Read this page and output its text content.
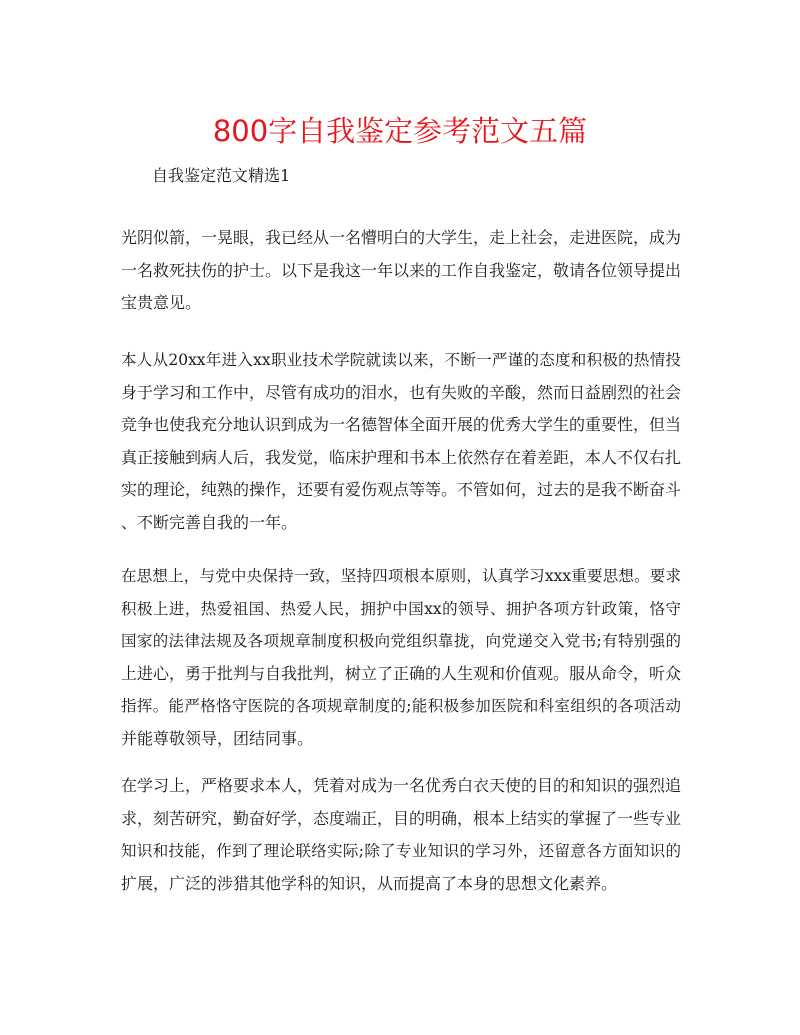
800字自我鉴定参考范文五篇

自我鉴定范文精选1

光阴似箭，一晃眼，我已经从一名懵明白的大学生，走上社会，走进医院，成为
一名救死扶伤的护士。以下是我这一年以来的工作自我鉴定，敬请各位领导提出
宝贵意见。
本人从20xx年进入xx职业技术学院就读以来，不断一严谨的态度和积极的热情投
身于学习和工作中，尽管有成功的泪水，也有失败的辛酸，然而日益剧烈的社会
竞争也使我充分地认识到成为一名德智体全面开展的优秀大学生的重要性，但当
真正接触到病人后，我发觉，临床护理和书本上依然存在着差距，本人不仅右扎
实的理论，纯熟的操作，还要有爱伤观点等等。不管如何，过去的是我不断奋斗
、不断完善自我的一年。
在思想上，与党中央保持一致，坚持四项根本原则，认真学习xxx重要思想。要求
积极上进，热爱祖国、热爱人民，拥护中国xx的领导、拥护各项方针政策，恪守
国家的法律法规及各项规章制度积极向党组织靠拢，向党递交入党书;有特别强的
上进心，勇于批判与自我批判，树立了正确的人生观和价值观。服从命令，听众
指挥。能严格恪守医院的各项规章制度的;能积极参加医院和科室组织的各项活动
并能尊敬领导，团结同事。
在学习上，严格要求本人，凭着对成为一名优秀白衣天使的目的和知识的强烈追
求，刻苦研究，勤奋好学，态度端正，目的明确，根本上结实的掌握了一些专业
知识和技能，作到了理论联络实际;除了专业知识的学习外，还留意各方面知识的
扩展，广泛的涉猎其他学科的知识，从而提高了本身的思想文化素养。
